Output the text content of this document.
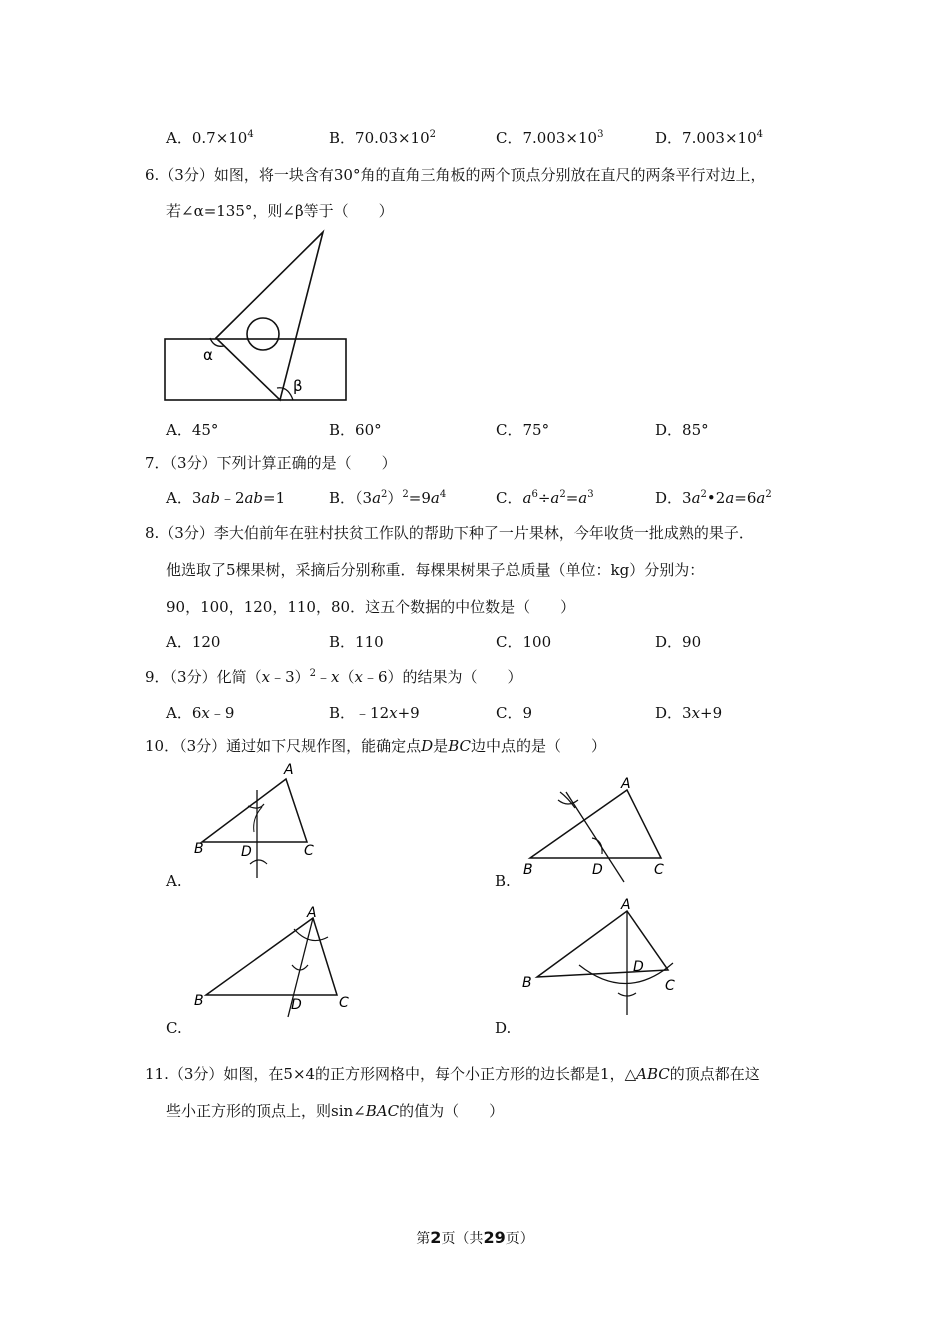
A．$0.7\times 10^4$	B．$70.03\times 10^2$	C．$7.003\times 10^3$	D．$7.003\times 10^4$
6.（3分）如图，将一块含有30°角的直角三角板的两个顶点分别放在直尺的两条平行对边上，
若∠α=135°，则∠β等于（　　）
α
β
A．45°	B．60°	C．75°	D．85°
7．（3分）下列计算正确的是（　　）
A．3ab﹣2ab=1	B．$(3a^2)^2=9a^4$	C．$a^6\div a^2=a^3$	D．$3a^2•2a=6a^2$
8.（3分）李大伯前年在驻村扶贫工作队的帮助下种了一片果林，今年收货一批成熟的果子．
他选取了5棵果树，采摘后分别称重．每棵果树果子总质量（单位：kg）分别为：
90，100，120，110，80．这五个数据的中位数是（　　）
A．120	B．110	C．100	D．90
9．（3分）化简（x﹣3）$^2$﹣x（x﹣6）的结果为（　　）
A．6x﹣9	B．﹣12x+9	C．9	D．3x+9
10．（3分）通过如下尺规作图，能确定点D是BC边中点的是（　　）
B
A
C
D
A.
B
A
C
D
B.
B
A
C
D
C.
B
A
C
D
D.
11.（3分）如图，在5×4的正方形网格中，每个小正方形的边长都是1，△ABC的顶点都在这
些小正方形的顶点上，则sin∠BAC的值为（　　）
第2页（共29页）
